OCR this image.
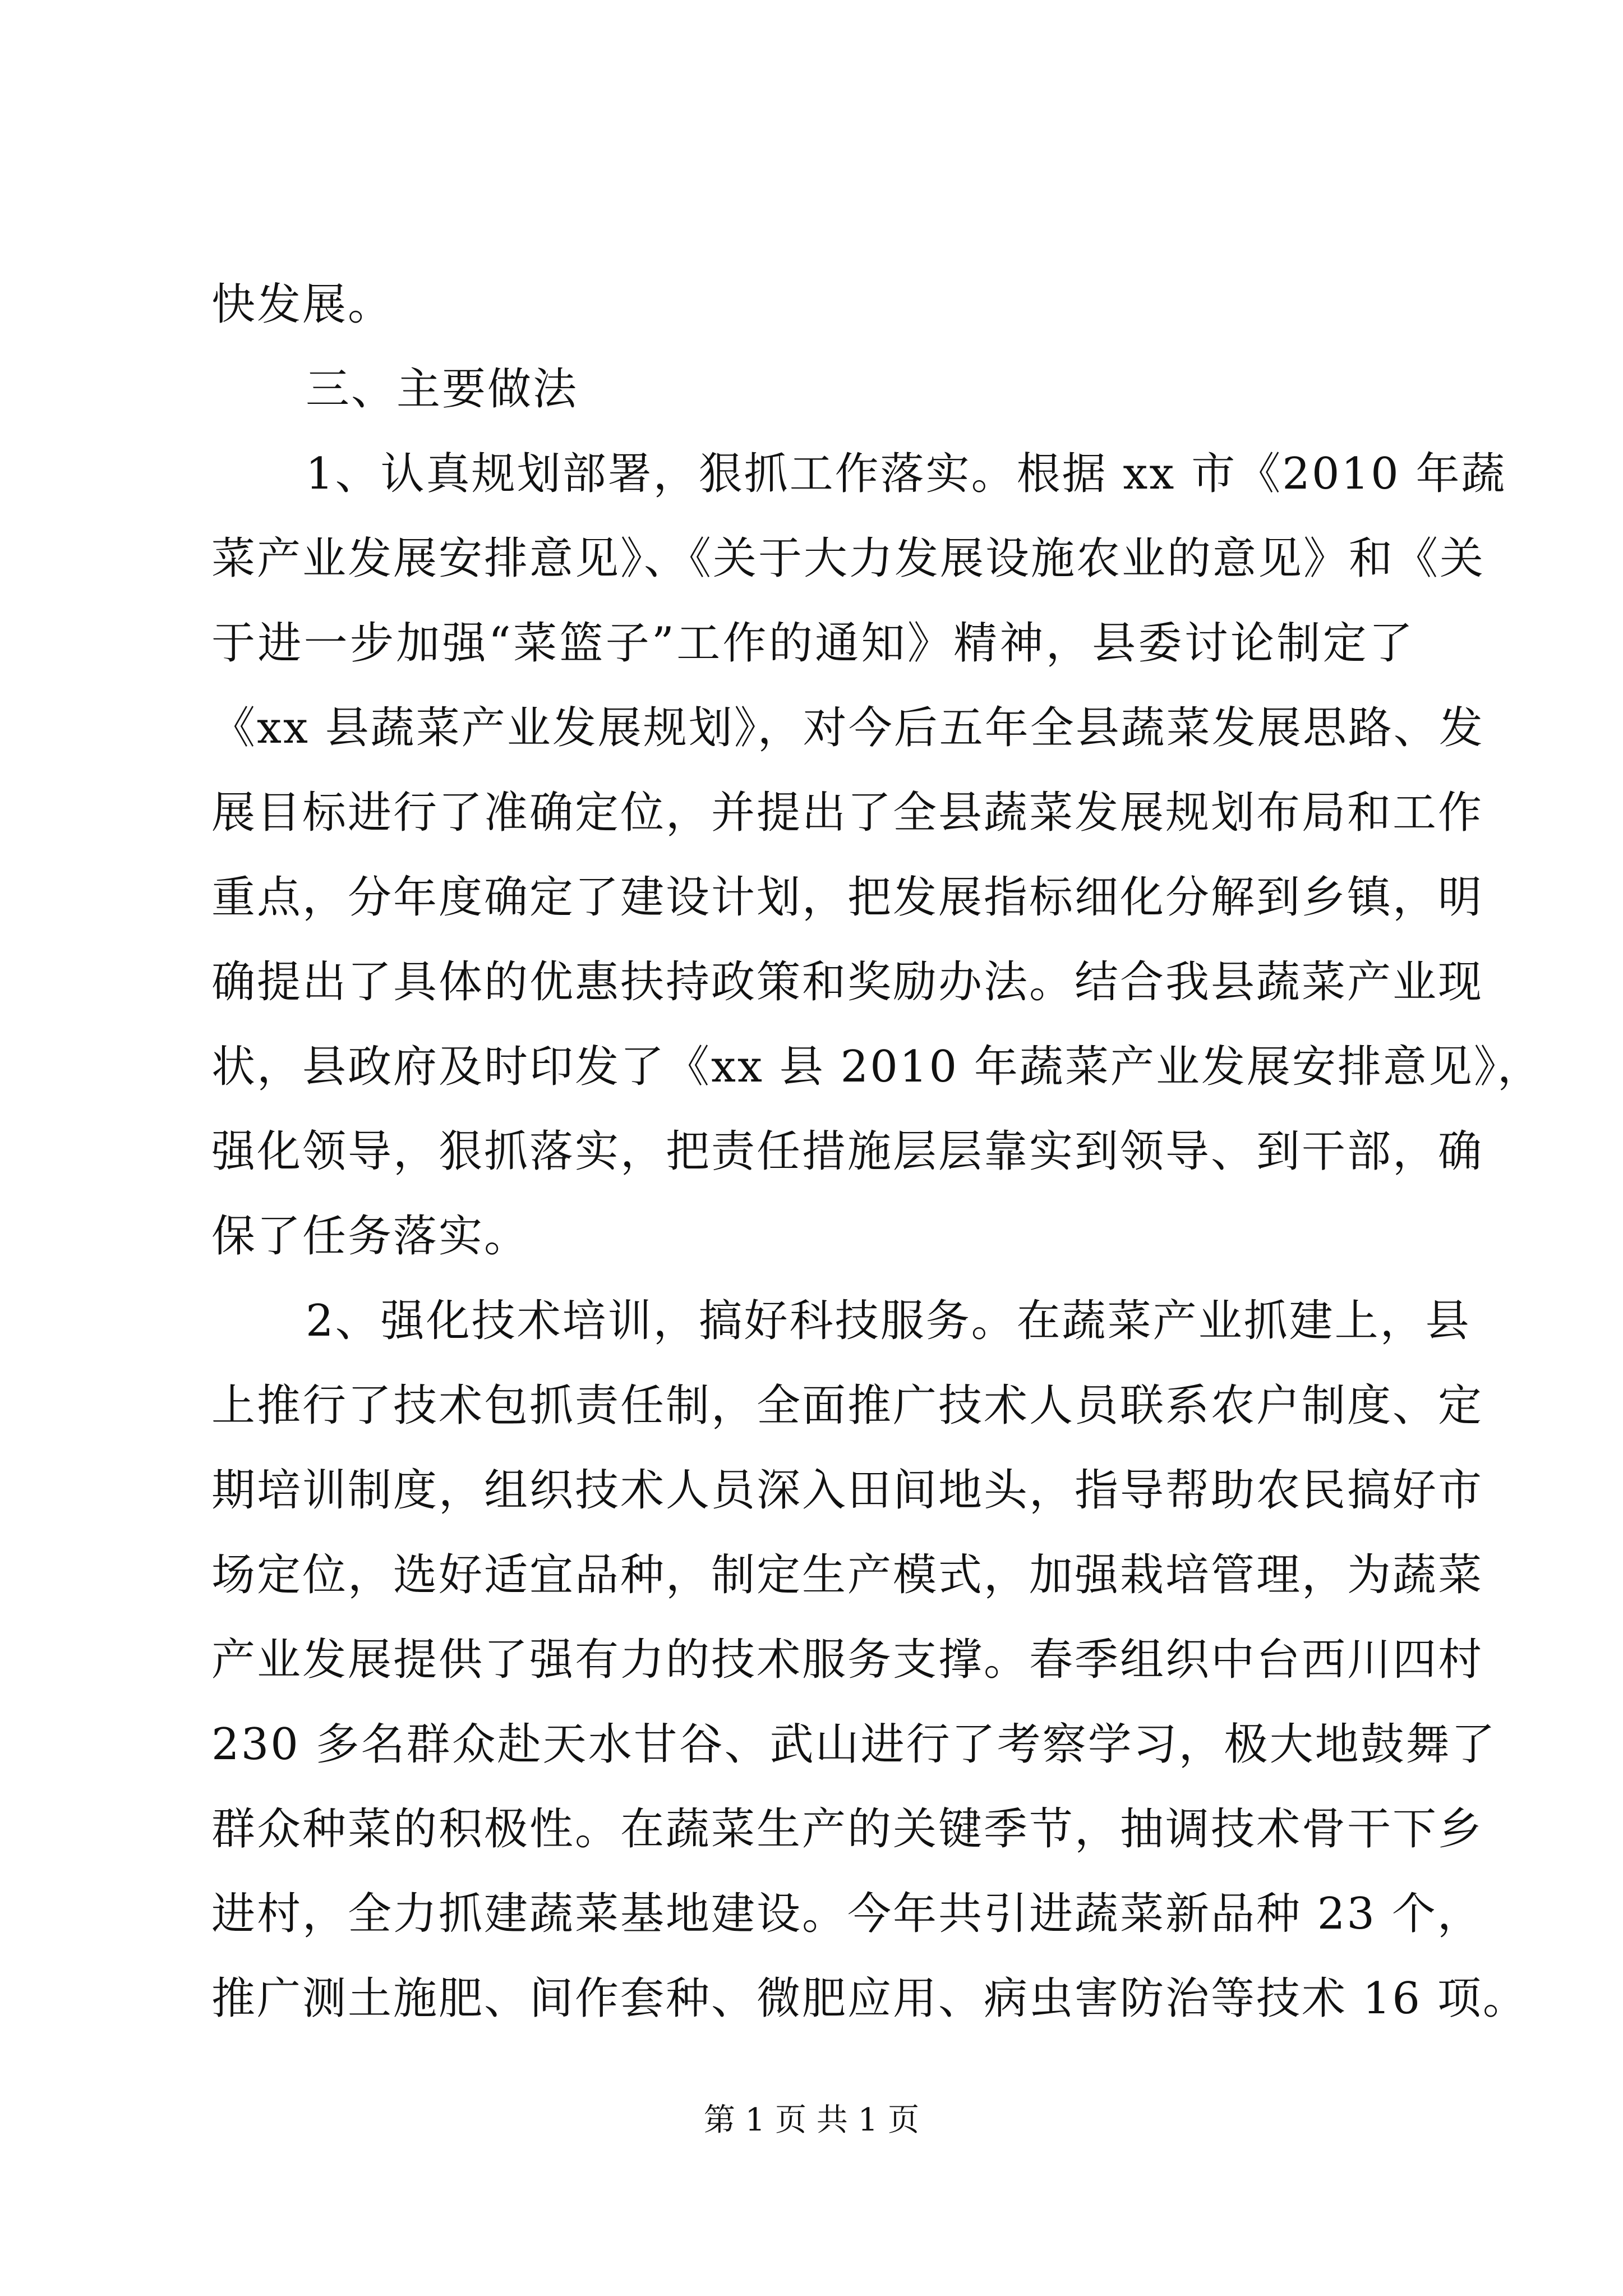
快发展。
三、主要做法
1、认真规划部署，狠抓工作落实。根据 xx 市《2010 年蔬
菜产业发展安排意见》、《关于大力发展设施农业的意见》和《关
于进一步加强“菜篮子”工作的通知》精神，县委讨论制定了
《xx 县蔬菜产业发展规划》，对今后五年全县蔬菜发展思路、发
展目标进行了准确定位，并提出了全县蔬菜发展规划布局和工作
重点，分年度确定了建设计划，把发展指标细化分解到乡镇，明
确提出了具体的优惠扶持政策和奖励办法。结合我县蔬菜产业现
状，县政府及时印发了《xx 县 2010 年蔬菜产业发展安排意见》，
强化领导，狠抓落实，把责任措施层层靠实到领导、到干部，确
保了任务落实。
2、强化技术培训，搞好科技服务。在蔬菜产业抓建上，县
上推行了技术包抓责任制，全面推广技术人员联系农户制度、定
期培训制度，组织技术人员深入田间地头，指导帮助农民搞好市
场定位，选好适宜品种，制定生产模式，加强栽培管理，为蔬菜
产业发展提供了强有力的技术服务支撑。春季组织中台西川四村
230 多名群众赴天水甘谷、武山进行了考察学习，极大地鼓舞了
群众种菜的积极性。在蔬菜生产的关键季节，抽调技术骨干下乡
进村，全力抓建蔬菜基地建设。今年共引进蔬菜新品种 23 个，
推广测土施肥、间作套种、微肥应用、病虫害防治等技术 16 项。
第 1 页 共 1 页
